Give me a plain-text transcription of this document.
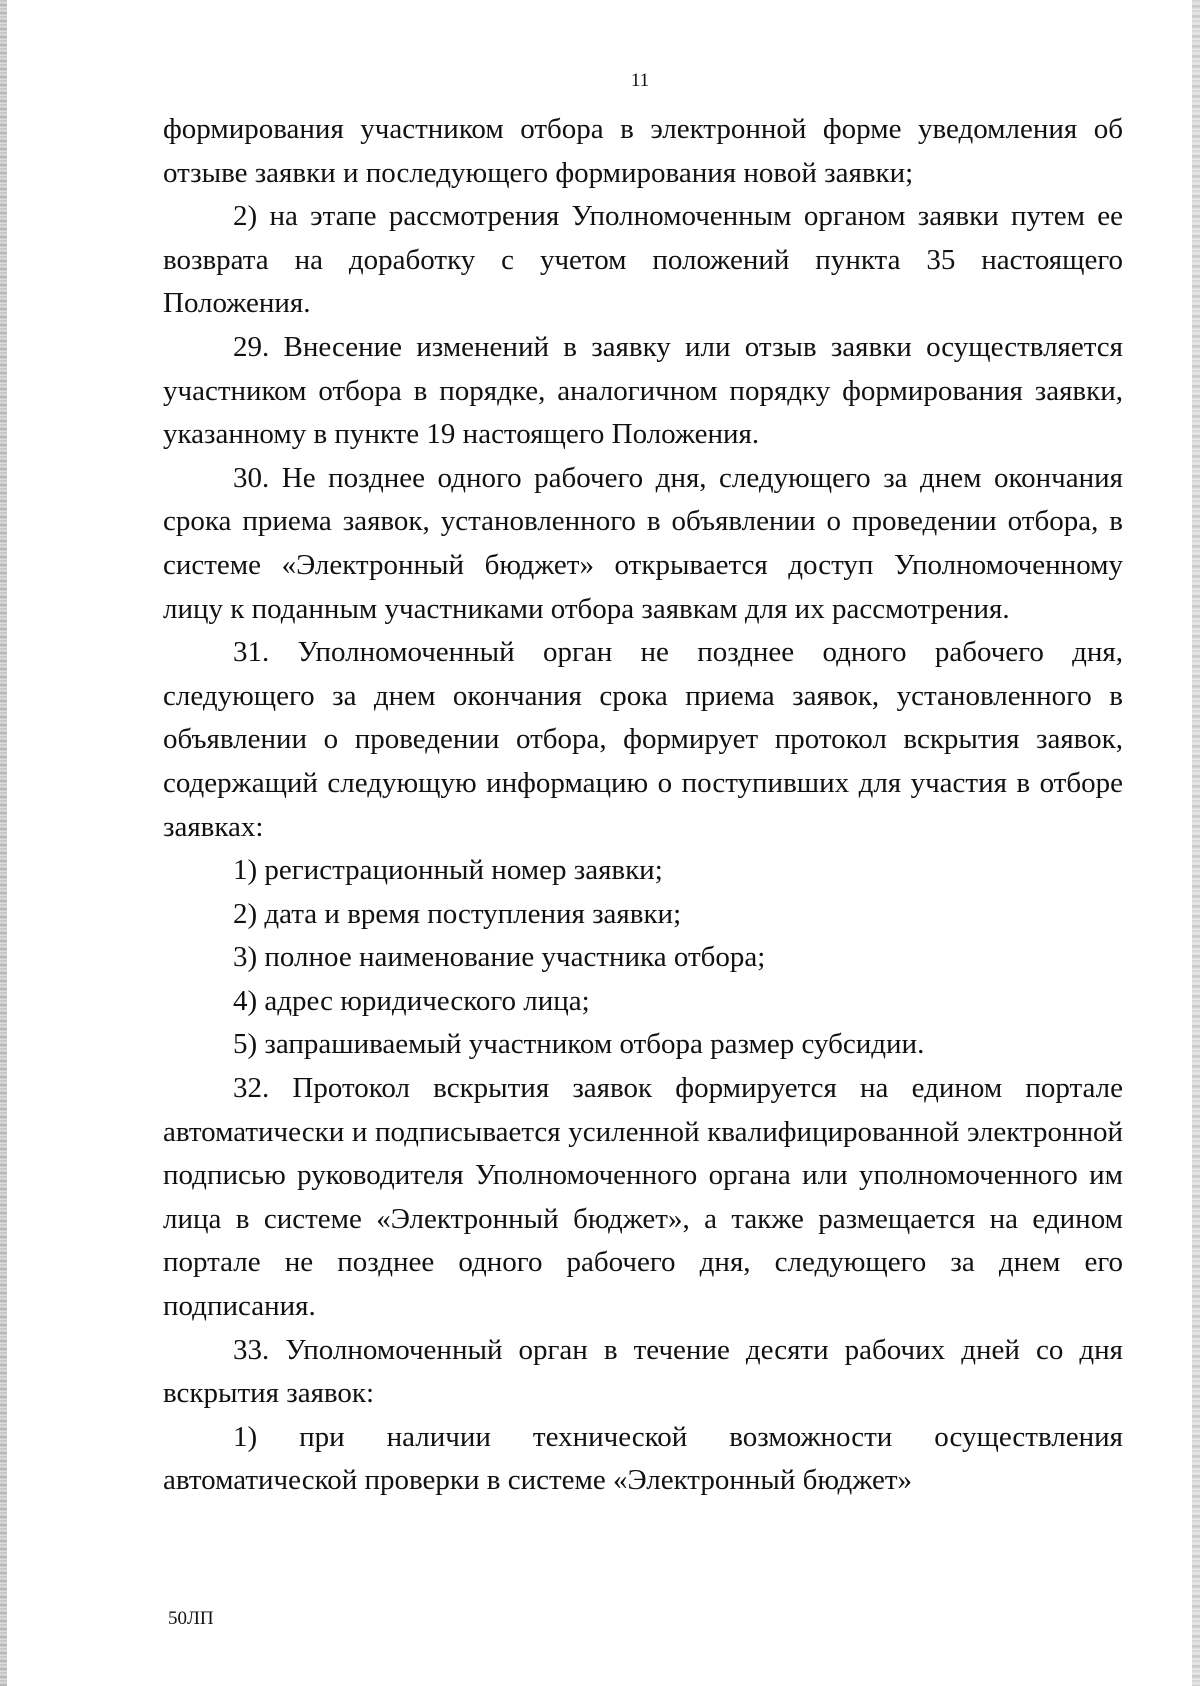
11

формирования участником отбора в электронной форме уведомления об отзыве заявки и последующего формирования новой заявки;

2) на этапе рассмотрения Уполномоченным органом заявки путем ее возврата на доработку с учетом положений пункта 35 настоящего Положения.

29. Внесение изменений в заявку или отзыв заявки осуществляется участником отбора в порядке, аналогичном порядку формирования заявки, указанному в пункте 19 настоящего Положения.

30. Не позднее одного рабочего дня, следующего за днем окончания срока приема заявок, установленного в объявлении о проведении отбора, в системе «Электронный бюджет» открывается доступ Уполномоченному лицу к поданным участниками отбора заявкам для их рассмотрения.

31. Уполномоченный орган не позднее одного рабочего дня, следующего за днем окончания срока приема заявок, установленного в объявлении о проведении отбора, формирует протокол вскрытия заявок, содержащий следующую информацию о поступивших для участия в отборе заявках:

1) регистрационный номер заявки;

2) дата и время поступления заявки;

3) полное наименование участника отбора;

4) адрес юридического лица;

5) запрашиваемый участником отбора размер субсидии.

32. Протокол вскрытия заявок формируется на едином портале автоматически и подписывается усиленной квалифицированной электронной подписью руководителя Уполномоченного органа или уполномоченного им лица в системе «Электронный бюджет», а также размещается на едином портале не позднее одного рабочего дня, следующего за днем его подписания.

33. Уполномоченный орган в течение десяти рабочих дней со дня вскрытия заявок:

1) при наличии технической возможности осуществления автоматической проверки в системе «Электронный бюджет»

50ЛП
